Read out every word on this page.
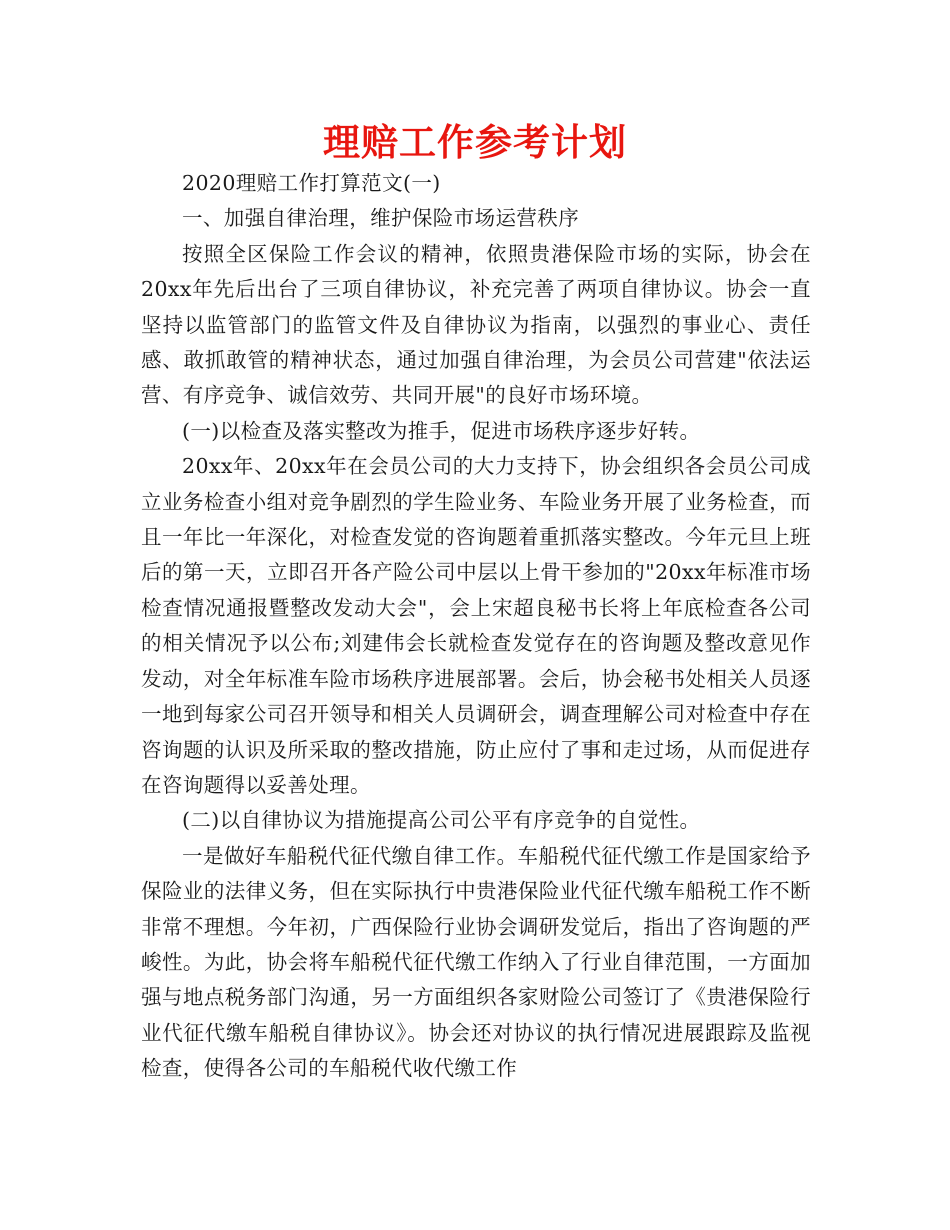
理赔工作参考计划

2020理赔工作打算范文(一)

一、加强自律治理，维护保险市场运营秩序

按照全区保险工作会议的精神，依照贵港保险市场的实际，协会在20xx年先后出台了三项自律协议，补充完善了两项自律协议。协会一直坚持以监管部门的监管文件及自律协议为指南，以强烈的事业心、责任感、敢抓敢管的精神状态，通过加强自律治理，为会员公司营建"依法运营、有序竞争、诚信效劳、共同开展"的良好市场环境。

(一)以检查及落实整改为推手，促进市场秩序逐步好转。

20xx年、20xx年在会员公司的大力支持下，协会组织各会员公司成立业务检查小组对竞争剧烈的学生险业务、车险业务开展了业务检查，而且一年比一年深化，对检查发觉的咨询题着重抓落实整改。今年元旦上班后的第一天，立即召开各产险公司中层以上骨干参加的"20xx年标准市场检查情况通报暨整改发动大会"，会上宋超良秘书长将上年底检查各公司的相关情况予以公布;刘建伟会长就检查发觉存在的咨询题及整改意见作发动，对全年标准车险市场秩序进展部署。会后，协会秘书处相关人员逐一地到每家公司召开领导和相关人员调研会，调查理解公司对检查中存在咨询题的认识及所采取的整改措施，防止应付了事和走过场，从而促进存在咨询题得以妥善处理。

(二)以自律协议为措施提高公司公平有序竞争的自觉性。

一是做好车船税代征代缴自律工作。车船税代征代缴工作是国家给予保险业的法律义务，但在实际执行中贵港保险业代征代缴车船税工作不断非常不理想。今年初，广西保险行业协会调研发觉后，指出了咨询题的严峻性。为此，协会将车船税代征代缴工作纳入了行业自律范围，一方面加强与地点税务部门沟通，另一方面组织各家财险公司签订了《贵港保险行业代征代缴车船税自律协议》。协会还对协议的执行情况进展跟踪及监视检查，使得各公司的车船税代收代缴工作
